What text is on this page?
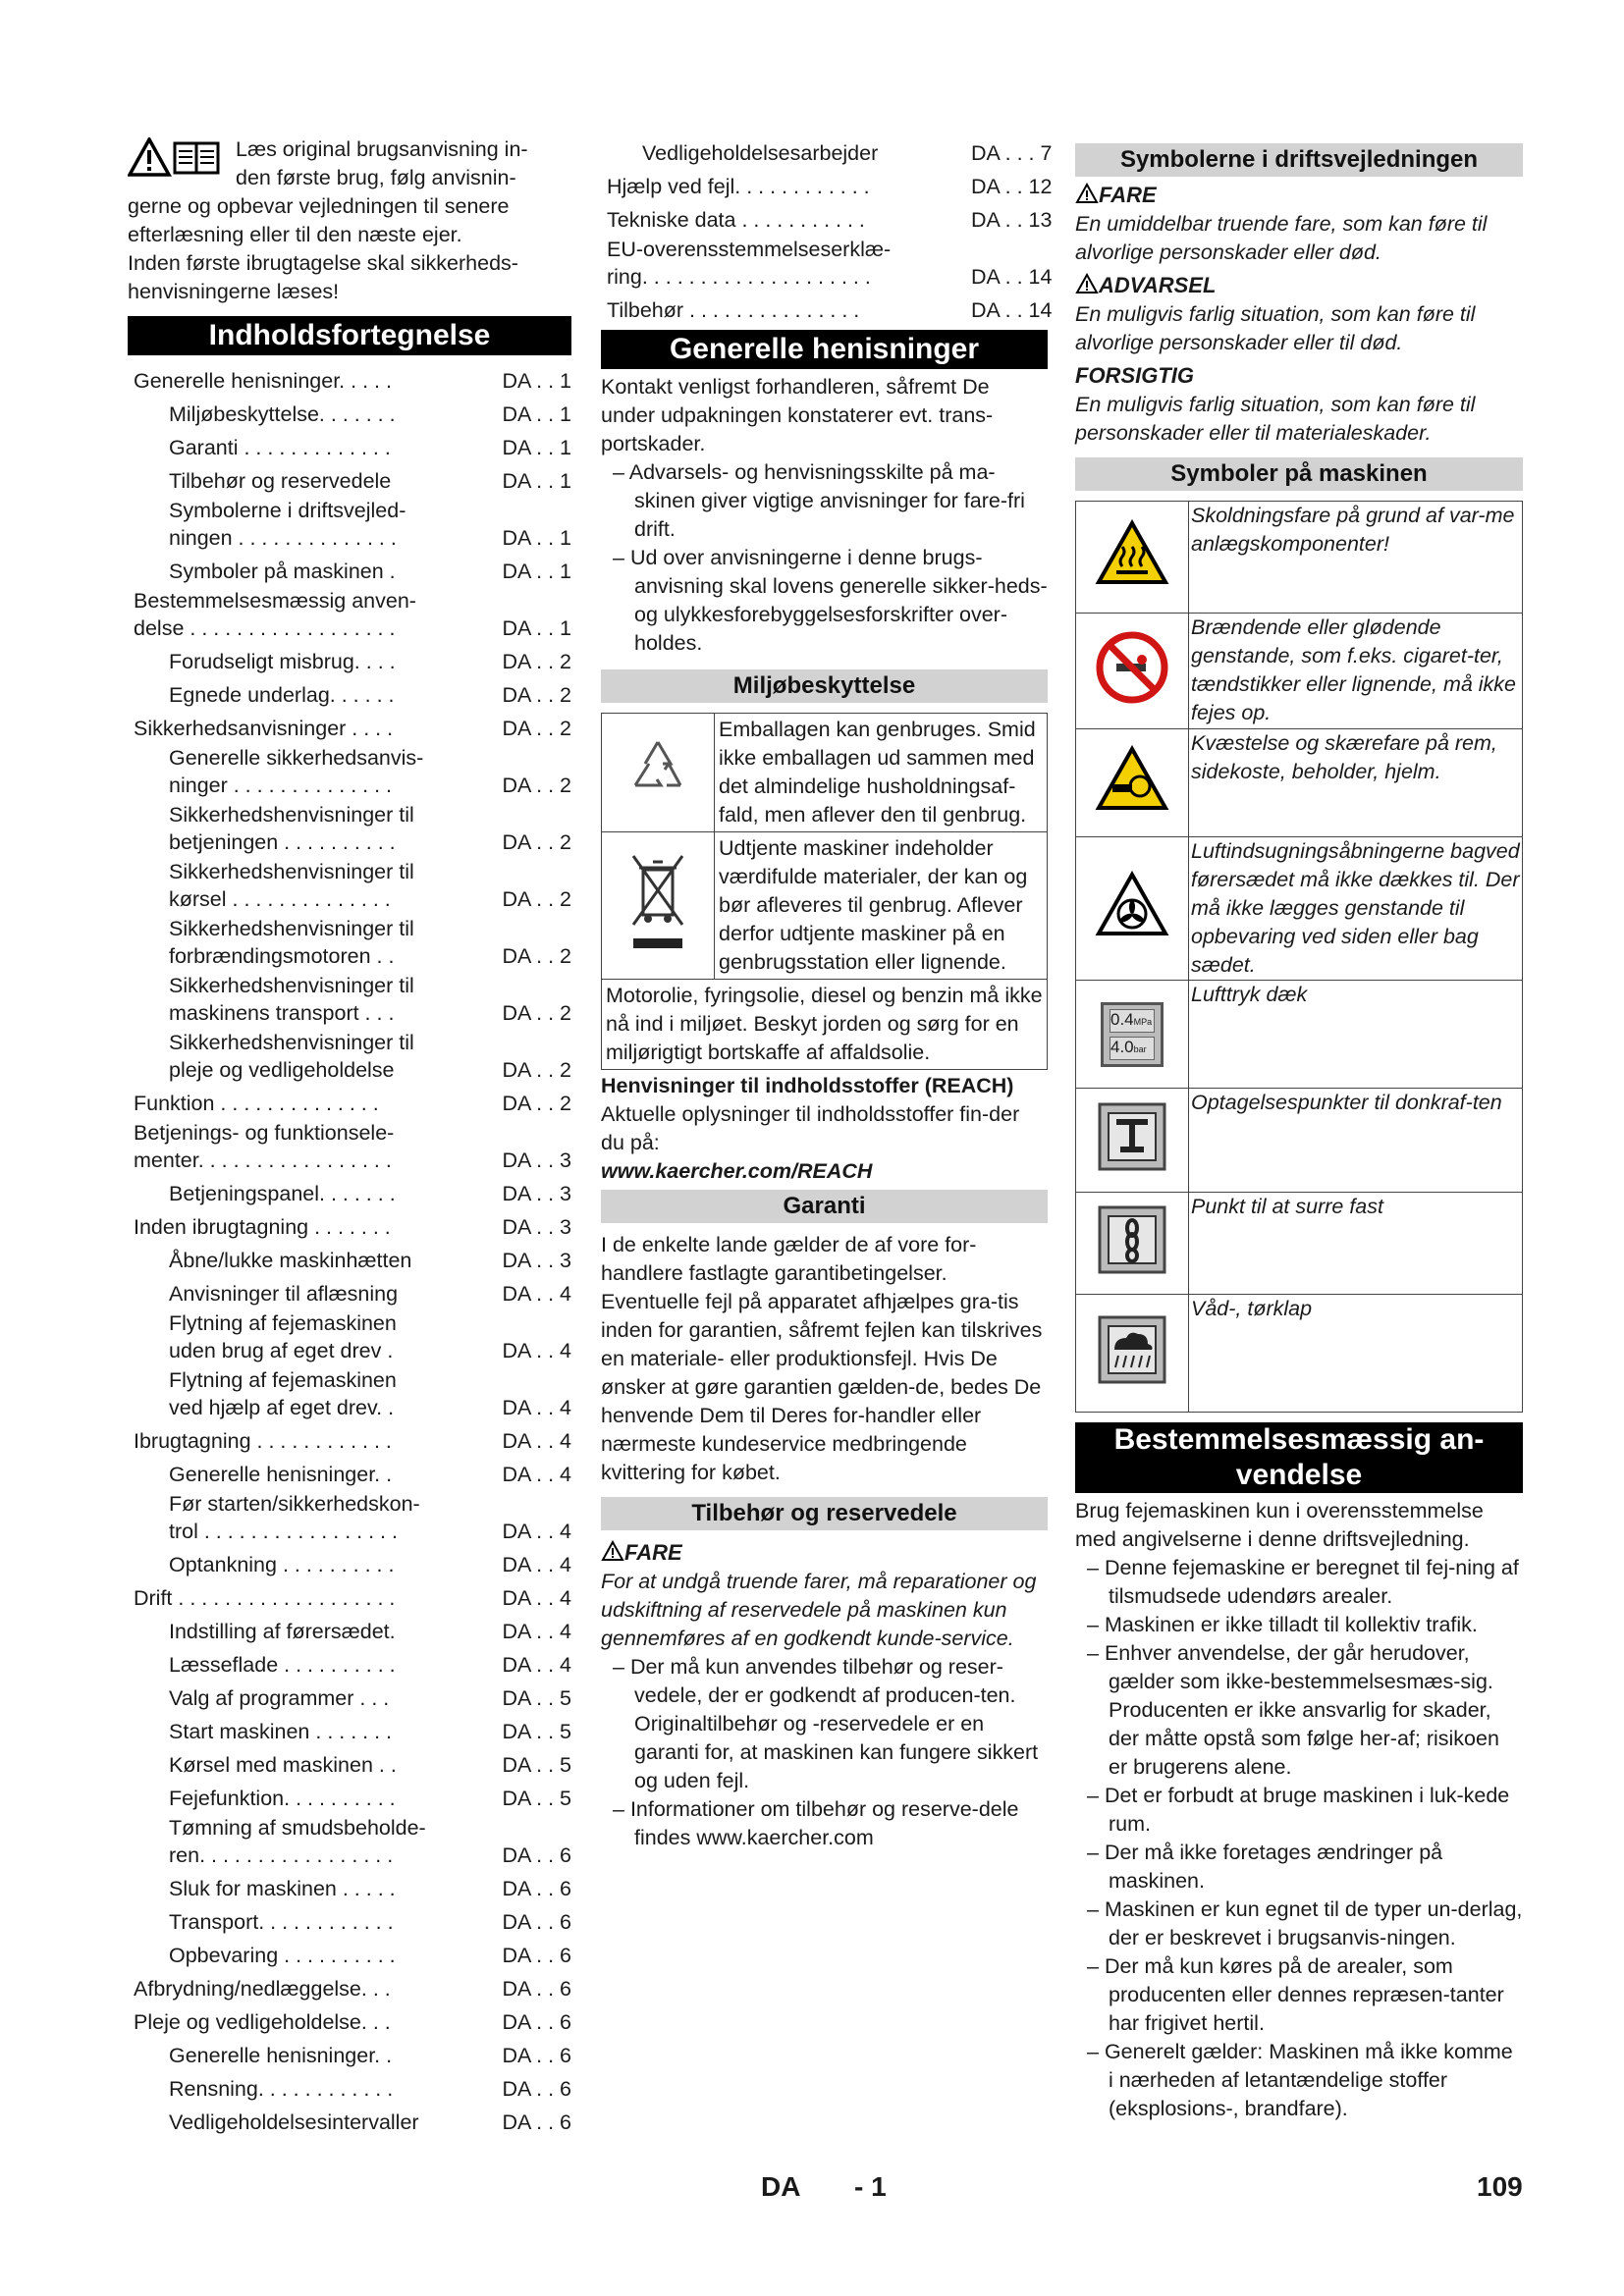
Læs original brugsanvisning in-

den første brug, følg anvisnin-

gerne og opbevar vejledningen til senere efterlæsning eller til den næste ejer.

Inden første ibrugtagelse skal sikkerheds-henvisningerne læses!

Indholdsfortegnelse
Generelle henisninger. . . . .	DA . . 1
Miljøbeskyttelse. . . . . . .	DA . . 1
Garanti . . . . . . . . . . . . .	DA . . 1
Tilbehør og reservedele	DA . . 1
Symbolerne i driftsvejled-
ningen . . . . . . . . . . . . . .	DA . . 1
Symboler på maskinen .	DA . . 1
Bestemmelsesmæssig anven-
delse . . . . . . . . . . . . . . . . . .	DA . . 1
Forudseligt misbrug. . . .	DA . . 2
Egnede underlag. . . . . .	DA . . 2
Sikkerhedsanvisninger . . . .	DA . . 2
Generelle sikkerhedsanvis-
ninger . . . . . . . . . . . . . .	DA . . 2
Sikkerhedshenvisninger til
betjeningen . . . . . . . . . .	DA . . 2
Sikkerhedshenvisninger til
kørsel . . . . . . . . . . . . . .	DA . . 2
Sikkerhedshenvisninger til
forbrændingsmotoren . .	DA . . 2
Sikkerhedshenvisninger til
maskinens transport . . .	DA . . 2
Sikkerhedshenvisninger til
pleje og vedligeholdelse	DA . . 2
Funktion . . . . . . . . . . . . . .	DA . . 2
Betjenings- og funktionsele-
menter. . . . . . . . . . . . . . . . .	DA . . 3
Betjeningspanel. . . . . . .	DA . . 3
Inden ibrugtagning . . . . . . .	DA . . 3
Åbne/lukke maskinhætten	DA . . 3
Anvisninger til aflæsning	DA . . 4
Flytning af fejemaskinen
uden brug af eget drev .	DA . . 4
Flytning af fejemaskinen
ved hjælp af eget drev. .	DA . . 4
Ibrugtagning . . . . . . . . . . . .	DA . . 4
Generelle henisninger. .	DA . . 4
Før starten/sikkerhedskon-
trol . . . . . . . . . . . . . . . . .	DA . . 4
Optankning . . . . . . . . . .	DA . . 4
Drift . . . . . . . . . . . . . . . . . . .	DA . . 4
Indstilling af førersædet.	DA . . 4
Læsseflade . . . . . . . . . .	DA . . 4
Valg af programmer . . .	DA . . 5
Start maskinen . . . . . . .	DA . . 5
Kørsel med maskinen . .	DA . . 5
Fejefunktion. . . . . . . . . .	DA . . 5
Tømning af smudsbeholde-
ren. . . . . . . . . . . . . . . . .	DA . . 6
Sluk for maskinen . . . . .	DA . . 6
Transport. . . . . . . . . . . .	DA . . 6
Opbevaring . . . . . . . . . .	DA . . 6
Afbrydning/nedlæggelse. . .	DA . . 6
Pleje og vedligeholdelse. . .	DA . . 6
Generelle henisninger. .	DA . . 6
Rensning. . . . . . . . . . . .	DA . . 6
Vedligeholdelsesintervaller	DA . . 6
Vedligeholdelsesarbejder	DA . . . 7
Hjælp ved fejl. . . . . . . . . . . .	DA . . 12
Tekniske data . . . . . . . . . . .	DA . . 13
EU-overensstemmelseserklæ-
ring. . . . . . . . . . . . . . . . . . . .	DA . . 14
Tilbehør . . . . . . . . . . . . . . .	DA . . 14
Generelle henisninger

Kontakt venligst forhandleren, såfremt De under udpakningen konstaterer evt. trans-portskader.

– Advarsels- og henvisningsskilte på ma-skinen giver vigtige anvisninger for fare-fri drift.
– Ud over anvisningerne i denne brugs-anvisning skal lovens generelle sikker-heds- og ulykkesforebyggelsesforskrifter over-holdes.
Miljøbeskyttelse
	Emballagen kan genbruges. Smid ikke emballagen ud sammen med det almindelige husholdningsaf-fald, men aflever den til genbrug.
	Udtjente maskiner indeholder værdifulde materialer, der kan og bør afleveres til genbrug. Aflever derfor udtjente maskiner på en genbrugsstation eller lignende.
Motorolie, fyringsolie, diesel og benzin må ikke nå ind i miljøet. Beskyt jorden og sørg for en miljørigtigt bortskaffe af affaldsolie.	

Henvisninger til indholdsstoffer (REACH)

Aktuelle oplysninger til indholdsstoffer fin-der du på:

www.kaercher.com/REACH

Garanti

I de enkelte lande gælder de af vore for-handlere fastlagte garantibetingelser. Eventuelle fejl på apparatet afhjælpes gra-tis inden for garantien, såfremt fejlen kan tilskrives en materiale- eller produktionsfejl. Hvis De ønsker at gøre garantien gælden-de, bedes De henvende Dem til Deres for-handler eller nærmeste kundeservice medbringende kvittering for købet.

Tilbehør og reservedele

FARE

For at undgå truende farer, må reparationer og udskiftning af reservedele på maskinen kun gennemføres af en godkendt kunde-service.

– Der må kun anvendes tilbehør og reser-vedele, der er godkendt af producen-ten. Originaltilbehør og -reservedele er en garanti for, at maskinen kan fungere sikkert og uden fejl.
– Informationer om tilbehør og reserve-dele findes www.kaercher.com
Symbolerne i driftsvejledningen

FARE

En umiddelbar truende fare, som kan føre til alvorlige personskader eller død.

ADVARSEL

En muligvis farlig situation, som kan føre til alvorlige personskader eller til død.

FORSIGTIG

En muligvis farlig situation, som kan føre til personskader eller til materialeskader.

Symboler på maskinen
	Skoldningsfare på grund af var-me anlægskomponenter!
	Brændende eller glødende genstande, som f.eks. cigaret-ter, tændstikker eller lignende, må ikke fejes op.
	Kvæstelse og skærefare på rem, sidekoste, beholder, hjelm.
	Luftindsugningsåbningerne bagved førersædet må ikke dækkes til. Der må ikke lægges genstande til opbevaring ved siden eller bag sædet.

0.4MPa
4.0bar	Lufttryk dæk
	Optagelsespunkter til donkraf-ten
	Punkt til at surre fast
	Våd-, tørklap
Bestemmelsesmæssig an-vendelse

Brug fejemaskinen kun i overensstemmelse med angivelserne i denne driftsvejledning.

– Denne fejemaskine er beregnet til fej-ning af tilsmudsede udendørs arealer.
– Maskinen er ikke tilladt til kollektiv trafik.
– Enhver anvendelse, der går herudover, gælder som ikke-bestemmelsesmæs-sig. Producenten er ikke ansvarlig for skader, der måtte opstå som følge her-af; risikoen er brugerens alene.
– Det er forbudt at bruge maskinen i luk-kede rum.
– Der må ikke foretages ændringer på maskinen.
– Maskinen er kun egnet til de typer un-derlag, der er beskrevet i brugsanvis-ningen.
– Der må kun køres på de arealer, som producenten eller dennes repræsen-tanter har frigivet hertil.
– Generelt gælder: Maskinen må ikke komme i nærheden af letantændelige stoffer (eksplosions-, brandfare).
DA - 1	109
